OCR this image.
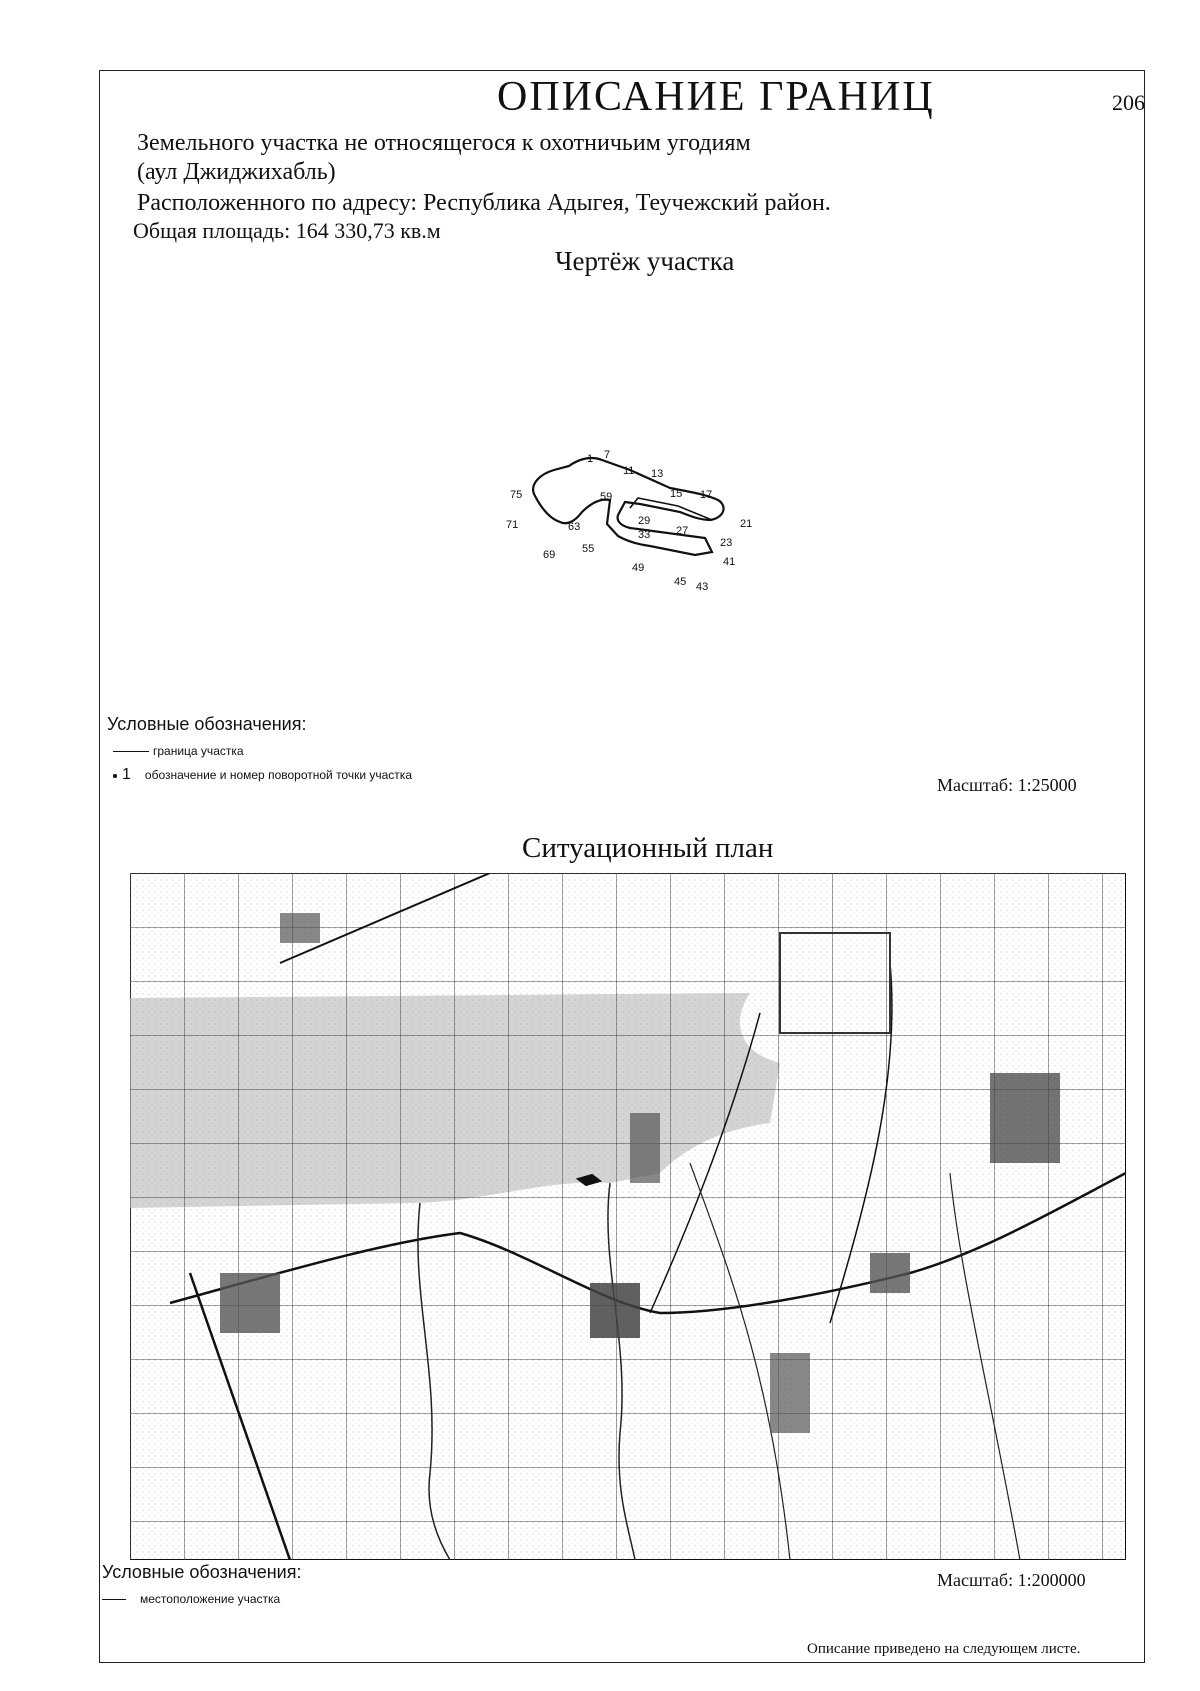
ОПИСАНИЕ ГРАНИЦ	206
Земельного участка не относящегося к охотничьим угодиям
(аул Джиджихабль)
Расположенного по адресу: Республика Адыгея, Теучежский район.
Общая площадь: 164 330,73 кв.м
Чертёж участка
1 7
11 13
15 17
21
23
41
43
45
49
27
29
33
55
59
63
69
71
75
Условные обозначения:
граница участка
1 обозначение и номер поворотной точки участка	Масштаб: 1:25000
Ситуационный план
Условные обозначения:
местоположение участка
Масштаб: 1:200000
Описание приведено на следующем листе.
